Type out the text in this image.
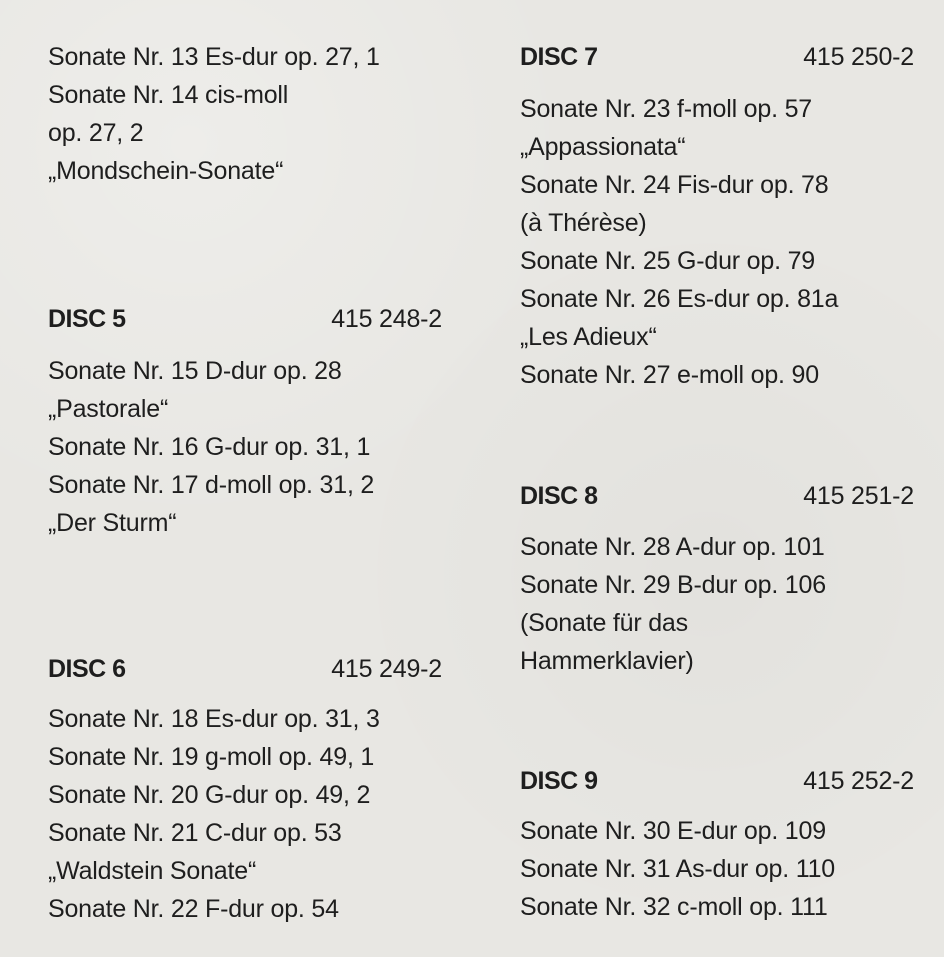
Sonate Nr. 13 Es-dur op. 27, 1
Sonate Nr. 14 cis-moll
op. 27, 2
„Mondschein-Sonate“
DISC 5	415 248-2
Sonate Nr. 15 D-dur op. 28
„Pastorale“
Sonate Nr. 16 G-dur op. 31, 1
Sonate Nr. 17 d-moll op. 31, 2
„Der Sturm“
DISC 6	415 249-2
Sonate Nr. 18 Es-dur op. 31, 3
Sonate Nr. 19 g-moll op. 49, 1
Sonate Nr. 20 G-dur op. 49, 2
Sonate Nr. 21 C-dur op. 53
„Waldstein Sonate“
Sonate Nr. 22 F-dur op. 54
DISC 7	415 250-2
Sonate Nr. 23 f-moll op. 57
„Appassionata“
Sonate Nr. 24 Fis-dur op. 78
(à Thérèse)
Sonate Nr. 25 G-dur op. 79
Sonate Nr. 26 Es-dur op. 81a
„Les Adieux“
Sonate Nr. 27 e-moll op. 90
DISC 8	415 251-2
Sonate Nr. 28 A-dur op. 101
Sonate Nr. 29 B-dur op. 106
(Sonate für das
Hammerklavier)
DISC 9	415 252-2
Sonate Nr. 30 E-dur op. 109
Sonate Nr. 31 As-dur op. 110
Sonate Nr. 32 c-moll op. 111
